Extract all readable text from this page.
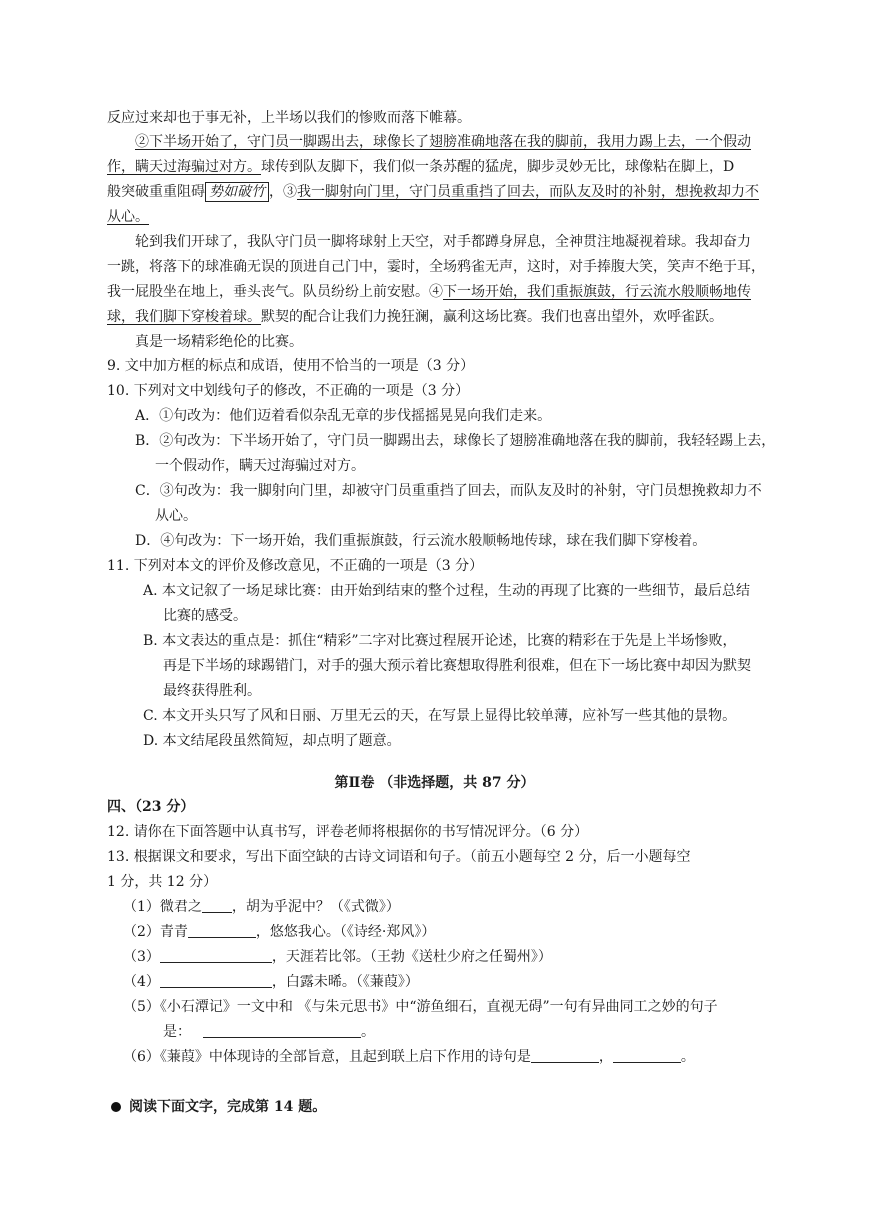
反应过来却也于事无补，上半场以我们的惨败而落下帷幕。
②下半场开始了，守门员一脚踢出去，球像长了翅膀准确地落在我的脚前，我用力踢上去，一个假动
作，瞒天过海骗过对方。球传到队友脚下，我们似一条苏醒的猛虎，脚步灵妙无比，球像粘在脚上，D
般突破重重阻碍 势如破竹 ，③我一脚射向门里，守门员重重挡了回去，而队友及时的补射，想挽救却力不
从心。
轮到我们开球了，我队守门员一脚将球射上天空，对手都蹲身屏息，全神贯注地凝视着球。我却奋力
一跳，将落下的球准确无误的顶进自己门中，霎时，全场鸦雀无声，这时，对手捧腹大笑，笑声不绝于耳，
我一屁股坐在地上，垂头丧气。队员纷纷上前安慰。④下一场开始，我们重振旗鼓，行云流水般顺畅地传
球，我们脚下穿梭着球。默契的配合让我们力挽狂澜，赢利这场比赛。我们也喜出望外，欢呼雀跃。
真是一场精彩绝伦的比赛。
9. 文中加方框的标点和成语，使用不恰当的一项是（3 分）
10. 下列对文中划线句子的修改，不正确的一项是（3 分）
A．①句改为：他们迈着看似杂乱无章的步伐摇摇晃晃向我们走来。
B．②句改为：下半场开始了，守门员一脚踢出去，球像长了翅膀准确地落在我的脚前，我轻轻踢上去，
一个假动作，瞒天过海骗过对方。
C．③句改为：我一脚射向门里，却被守门员重重挡了回去，而队友及时的补射，守门员想挽救却力不
从心。
D．④句改为：下一场开始，我们重振旗鼓，行云流水般顺畅地传球，球在我们脚下穿梭着。
11. 下列对本文的评价及修改意见，不正确的一项是（3 分）
A. 本文记叙了一场足球比赛：由开始到结束的整个过程，生动的再现了比赛的一些细节，最后总结
比赛的感受。
B. 本文表达的重点是：抓住“精彩”二字对比赛过程展开论述，比赛的精彩在于先是上半场惨败，
再是下半场的球踢错门，对手的强大预示着比赛想取得胜利很难，但在下一场比赛中却因为默契
最终获得胜利。
C. 本文开头只写了风和日丽、万里无云的天，在写景上显得比较单薄，应补写一些其他的景物。
D. 本文结尾段虽然简短，却点明了题意。
第Ⅱ卷 （非选择题，共 87 分）
四、（23 分）
12. 请你在下面答题中认真书写，评卷老师将根据你的书写情况评分。（6 分）
13. 根据课文和要求，写出下面空缺的古诗文词语和句子。（前五小题每空 2 分，后一小题每空
1 分，共 12 分）
（1）微君之 ，胡为乎泥中？（《式微》）
（2）青青	，悠悠我心。（《诗经·郑风》）
（3）	，天涯若比邻。（王勃《送杜少府之任蜀州》）
（4）	，白露未晞。（《蒹葭》）
（5）《小石潭记》一文中和 《与朱元思书》中“游鱼细石，直视无碍”一句有异曲同工之妙的句子
是：	。
（6）《蒹葭》中体现诗的全部旨意，且起到联上启下作用的诗句是	，	。
阅读下面文字，完成第 14 题。
